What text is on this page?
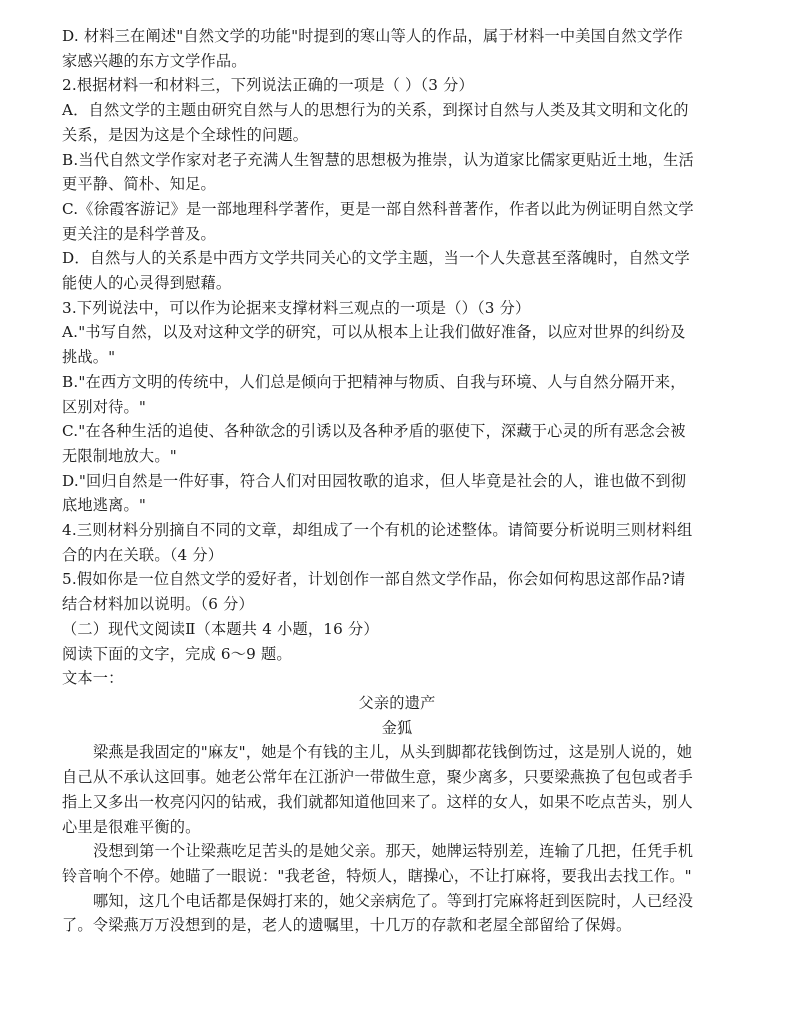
D. 材料三在阐述"自然文学的功能"时提到的寒山等人的作品，属于材料一中美国自然文学作
家感兴趣的东方文学作品。
2.根据材料一和材料三，下列说法正确的一项是（ ）（3 分）
A．自然文学的主题由研究自然与人的思想行为的关系，到探讨自然与人类及其文明和文化的
关系，是因为这是个全球性的问题。
B.当代自然文学作家对老子充满人生智慧的思想极为推崇，认为道家比儒家更贴近土地，生活
更平静、简朴、知足。
C.《徐霞客游记》是一部地理科学著作，更是一部自然科普著作，作者以此为例证明自然文学
更关注的是科学普及。
D．自然与人的关系是中西方文学共同关心的文学主题，当一个人失意甚至落魄时，自然文学
能使人的心灵得到慰藉。
3.下列说法中，可以作为论据来支撑材料三观点的一项是（）（3 分）
A."书写自然，以及对这种文学的研究，可以从根本上让我们做好准备，以应对世界的纠纷及
挑战。"
B."在西方文明的传统中，人们总是倾向于把精神与物质、自我与环境、人与自然分隔开来，
区别对待。"
C."在各种生活的追使、各种欲念的引诱以及各种矛盾的驱使下，深藏于心灵的所有恶念会被
无限制地放大。"
D."回归自然是一件好事，符合人们对田园牧歌的追求，但人毕竟是社会的人，谁也做不到彻
底地逃离。"
4.三则材料分别摘自不同的文章，却组成了一个有机的论述整体。请简要分析说明三则材料组
合的内在关联。（4 分）
5.假如你是一位自然文学的爱好者，计划创作一部自然文学作品，你会如何构思这部作品?请
结合材料加以说明。（6 分）
（二）现代文阅读Ⅱ（本题共 4 小题，16 分）
阅读下面的文字，完成 6～9 题。
文本一：
父亲的遗产
金狐
梁燕是我固定的"麻友"，她是个有钱的主儿，从头到脚都花钱倒饬过，这是别人说的，她
自己从不承认这回事。她老公常年在江浙沪一带做生意，聚少离多，只要梁燕换了包包或者手
指上又多出一枚亮闪闪的钻戒，我们就都知道他回来了。这样的女人，如果不吃点苦头，别人
心里是很难平衡的。
没想到第一个让梁燕吃足苦头的是她父亲。那天，她牌运特别差，连输了几把，任凭手机
铃音响个不停。她瞄了一眼说："我老爸，特烦人，瞎操心，不让打麻将，要我出去找工作。"
哪知，这几个电话都是保姆打来的，她父亲病危了。等到打完麻将赶到医院时，人已经没
了。令梁燕万万没想到的是，老人的遗嘱里，十几万的存款和老屋全部留给了保姆。
